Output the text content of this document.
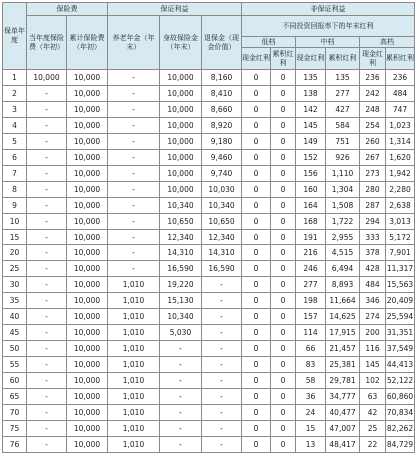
保单年度	保险费		保证利益			非保证利益					
	当年度保险费（年初）	累计保险费（年初）	养老年金（年末）	身故保险金（年末）	退保金（现金价值）	不同投资回报率下的年末红利					
						低档		中档		高档	
						现金红利	累积红利	现金红利	累积红利	现金红利	累积红利
1	10,000	10,000	-	10,000	8,160	0	0	135	135	236	236
2	-	10,000	-	10,000	8,410	0	0	138	277	242	484
3	-	10,000	-	10,000	8,660	0	0	142	427	248	747
4	-	10,000	-	10,000	8,920	0	0	145	584	254	1,023
5	-	10,000	-	10,000	9,180	0	0	149	751	260	1,314
6	-	10,000	-	10,000	9,460	0	0	152	926	267	1,620
7	-	10,000	-	10,000	9,740	0	0	156	1,110	273	1,942
8	-	10,000	-	10,000	10,030	0	0	160	1,304	280	2,280
9	-	10,000	-	10,340	10,340	0	0	164	1,508	287	2,638
10	-	10,000	-	10,650	10,650	0	0	168	1,722	294	3,013
15	-	10,000	-	12,340	12,340	0	0	191	2,955	333	5,172
20	-	10,000	-	14,310	14,310	0	0	216	4,515	378	7,901
25	-	10,000	-	16,590	16,590	0	0	246	6,494	428	11,317
30	-	10,000	1,010	19,220	-	0	0	277	8,893	484	15,563
35	-	10,000	1,010	15,130	-	0	0	198	11,664	346	20,409
40	-	10,000	1,010	10,340	-	0	0	157	14,625	274	25,594
45	-	10,000	1,010	5,030	-	0	0	114	17,915	200	31,351
50	-	10,000	1,010	-	-	0	0	66	21,457	116	37,549
55	-	10,000	1,010	-	-	0	0	83	25,381	145	44,413
60	-	10,000	1,010	-	-	0	0	58	29,781	102	52,122
65	-	10,000	1,010	-	-	0	0	36	34,777	63	60,860
70	-	10,000	1,010	-	-	0	0	24	40,477	42	70,834
75	-	10,000	1,010	-	-	0	0	15	47,007	25	82,262
76	-	10,000	1,010	-	-	0	0	13	48,417	22	84,729
